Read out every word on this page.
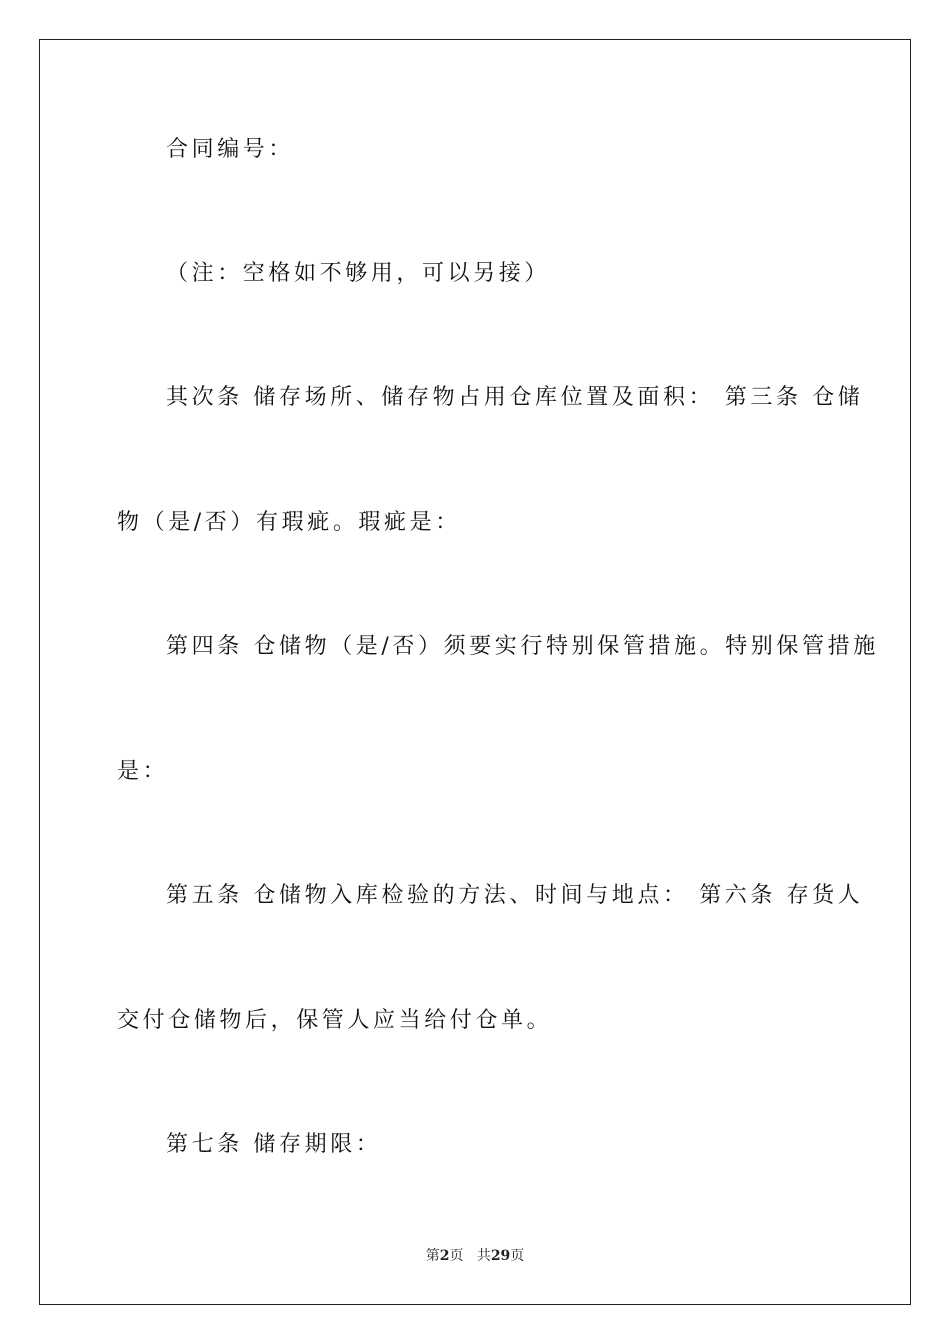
合同编号：
（注：空格如不够用，可以另接）
其次条 储存场所、储存物占用仓库位置及面积： 第三条 仓储
物（是/否）有瑕疵。瑕疵是：
第四条 仓储物（是/否）须要实行特别保管措施。特别保管措施
是：
第五条 仓储物入库检验的方法、时间与地点： 第六条 存货人
交付仓储物后，保管人应当给付仓单。
第七条 储存期限：
第2页 共29页
